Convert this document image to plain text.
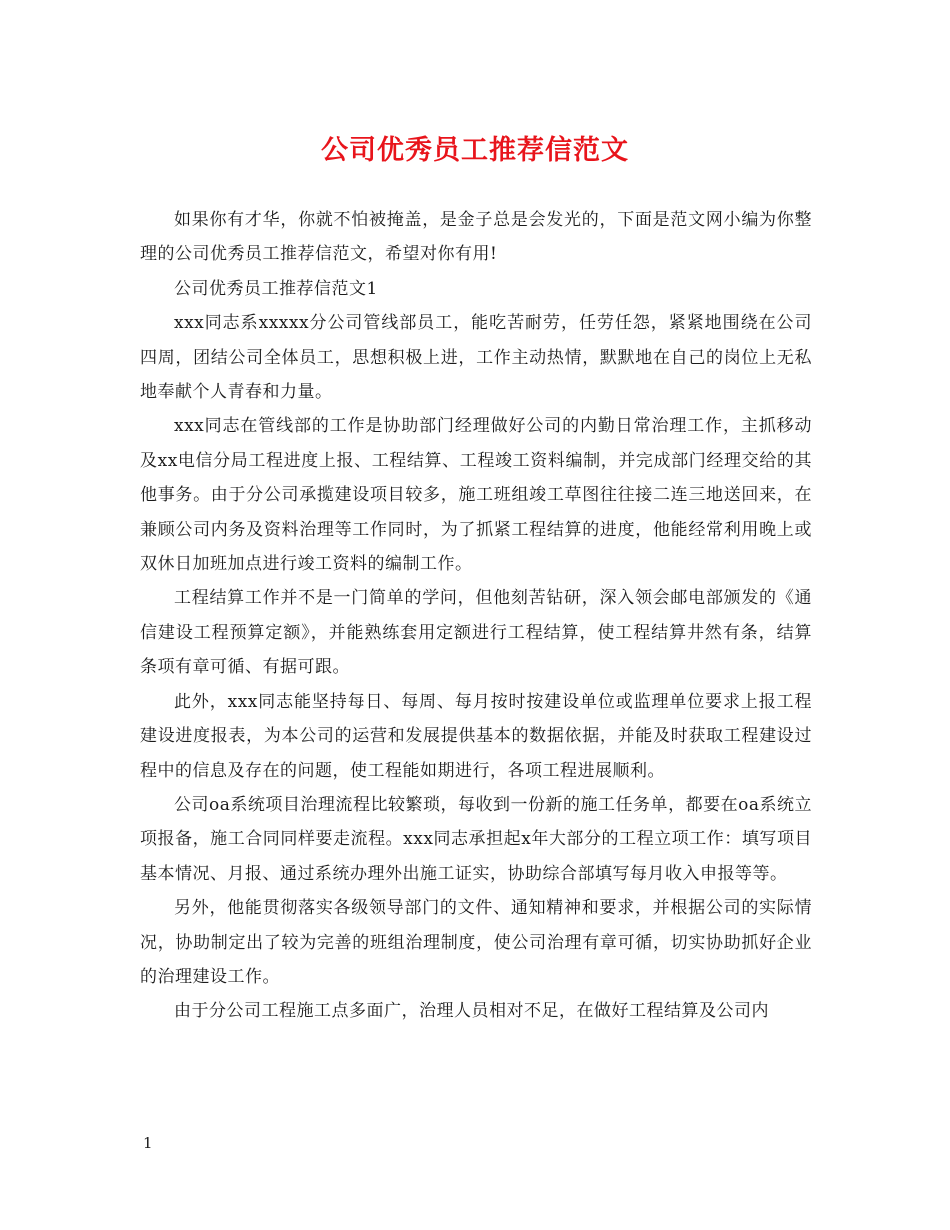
公司优秀员工推荐信范文

如果你有才华，你就不怕被掩盖，是金子总是会发光的，下面是范文网小编为你整理的公司优秀员工推荐信范文，希望对你有用!

公司优秀员工推荐信范文1

xxx同志系xxxxx分公司管线部员工，能吃苦耐劳，任劳任怨，紧紧地围绕在公司四周，团结公司全体员工，思想积极上进，工作主动热情，默默地在自己的岗位上无私地奉献个人青春和力量。

xxx同志在管线部的工作是协助部门经理做好公司的内勤日常治理工作，主抓移动及xx电信分局工程进度上报、工程结算、工程竣工资料编制，并完成部门经理交给的其他事务。由于分公司承揽建设项目较多，施工班组竣工草图往往接二连三地送回来，在兼顾公司内务及资料治理等工作同时，为了抓紧工程结算的进度，他能经常利用晚上或双休日加班加点进行竣工资料的编制工作。

工程结算工作并不是一门简单的学问，但他刻苦钻研，深入领会邮电部颁发的《通信建设工程预算定额》，并能熟练套用定额进行工程结算，使工程结算井然有条，结算条项有章可循、有据可跟。

此外，xxx同志能坚持每日、每周、每月按时按建设单位或监理单位要求上报工程建设进度报表，为本公司的运营和发展提供基本的数据依据，并能及时获取工程建设过程中的信息及存在的问题，使工程能如期进行，各项工程进展顺利。

公司oa系统项目治理流程比较繁琐，每收到一份新的施工任务单，都要在oa系统立项报备，施工合同同样要走流程。xxx同志承担起x年大部分的工程立项工作：填写项目基本情况、月报、通过系统办理外出施工证实，协助综合部填写每月收入申报等等。

另外，他能贯彻落实各级领导部门的文件、通知精神和要求，并根据公司的实际情况，协助制定出了较为完善的班组治理制度，使公司治理有章可循，切实协助抓好企业的治理建设工作。

由于分公司工程施工点多面广，治理人员相对不足，在做好工程结算及公司内

1
